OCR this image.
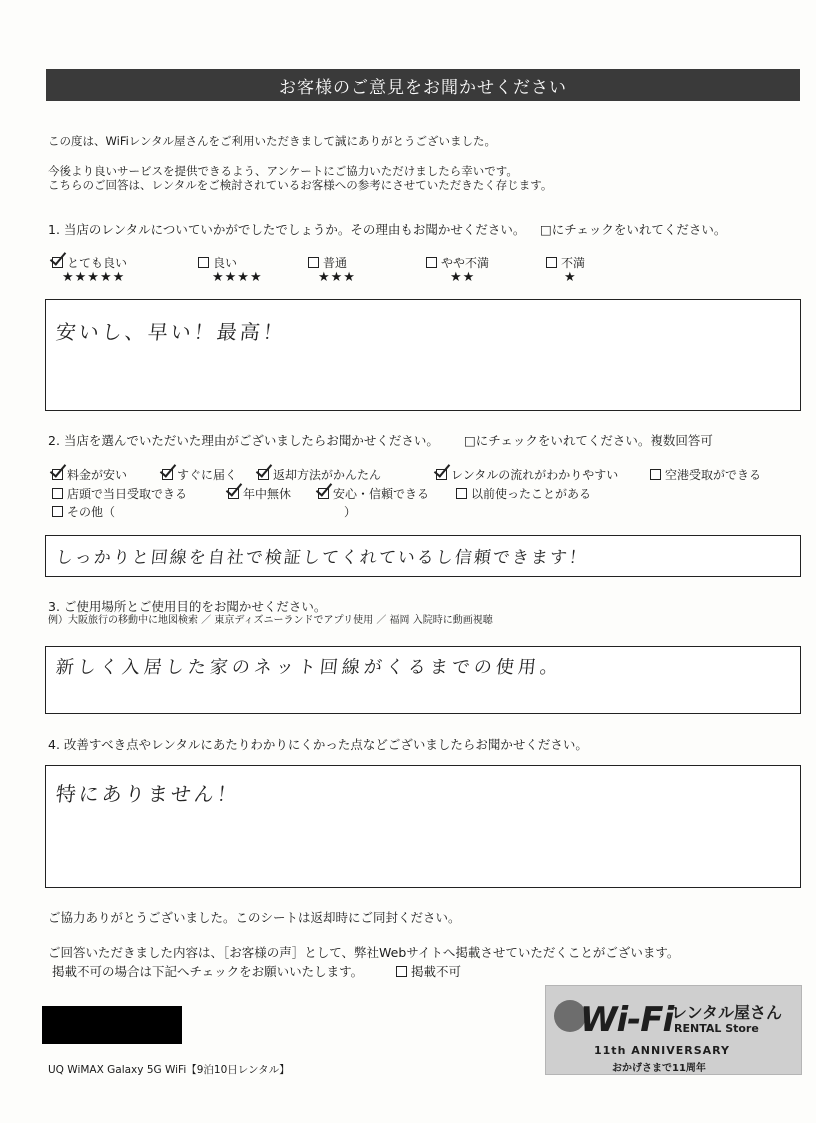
お客様のご意見をお聞かせください
この度は、WiFiレンタル屋さんをご利用いただきまして誠にありがとうございました。
今後より良いサービスを提供できるよう、アンケートにご協力いただけましたら幸いです。
こちらのご回答は、レンタルをご検討されているお客様への参考にさせていただきたく存じます。
1. 当店のレンタルについていかがでしたでしょうか。その理由もお聞かせください。 □にチェックをいれてください。
とても良い
★★★★★
良い
★★★★
普通
★★★
やや不満
★★
不満
★
安いし、早い！最高！
2. 当店を選んでいただいた理由がございましたらお聞かせください。 □にチェックをいれてください。複数回答可
料金が安い	すぐに届く	返却方法がかんたん	レンタルの流れがわかりやすい	空港受取ができる
店頭で当日受取できる	年中無休	安心・信頼できる	以前使ったことがある
その他（	）
しっかりと回線を自社で検証してくれているし信頼できます！
3. ご使用場所とご使用目的をお聞かせください。
例）大阪旅行の移動中に地図検索 ／ 東京ディズニーランドでアプリ使用 ／ 福岡 入院時に動画視聴
新しく入居した家のネット回線がくるまでの使用。
4. 改善すべき点やレンタルにあたりわかりにくかった点などございましたらお聞かせください。
特にありません！
ご協力ありがとうございました。このシートは返却時にご同封ください。
ご回答いただきました内容は、［お客様の声］として、弊社Webサイトへ掲載させていただくことがございます。
掲載不可の場合は下記へチェックをお願いいたします。	掲載不可
UQ WiMAX Galaxy 5G WiFi【9泊10日レンタル】
Wi-Fi
レンタル屋さん
RENTAL Store
11th ANNIVERSARY
おかげさまで11周年
